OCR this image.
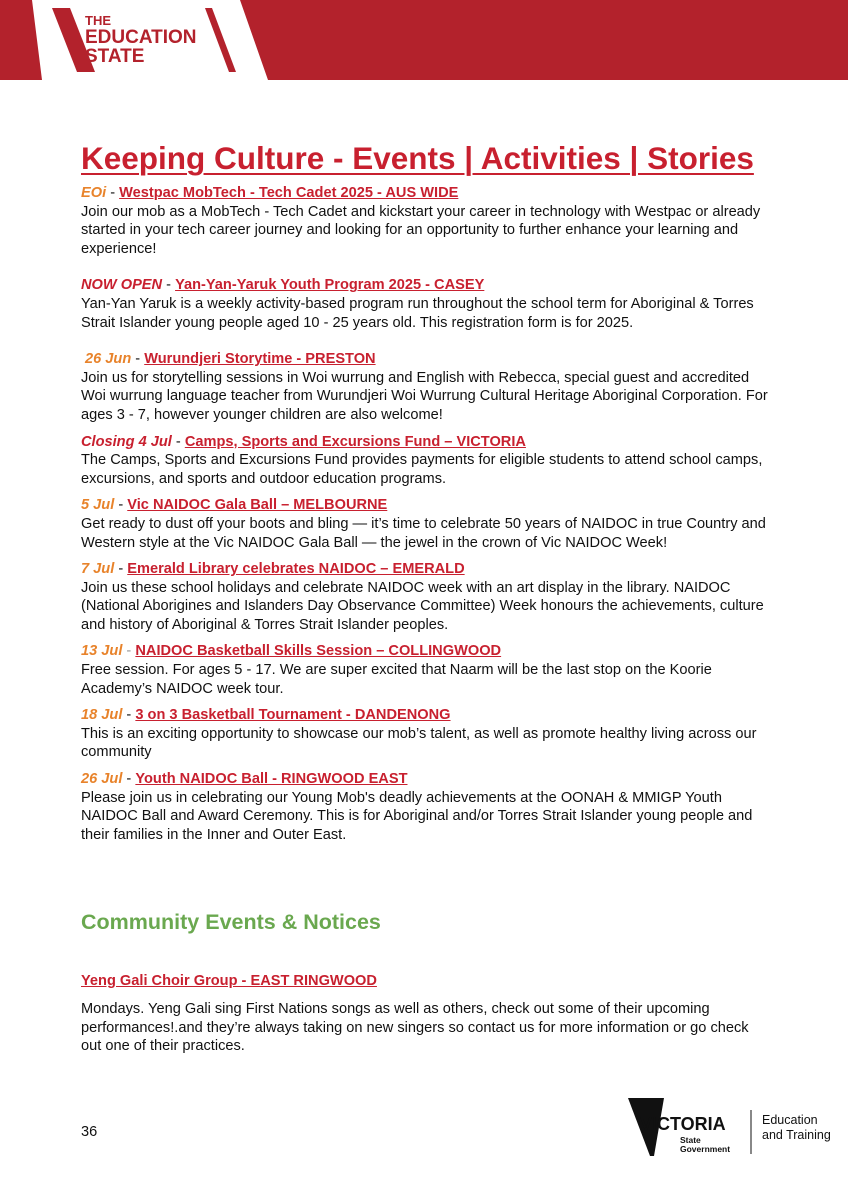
THE
EDUCATION
STATE
Keeping Culture - Events | Activities | Stories
EOi - Westpac MobTech - Tech Cadet 2025 - AUS WIDE
Join our mob as a MobTech - Tech Cadet and kickstart your career in technology with Westpac or already started in your tech career journey and looking for an opportunity to further enhance your learning and experience!
NOW OPEN - Yan-Yan-Yaruk Youth Program 2025 - CASEY
Yan-Yan Yaruk is a weekly activity-based program run throughout the school term for Aboriginal & Torres Strait Islander young people aged 10 - 25 years old. This registration form is for 2025.
26 Jun - Wurundjeri Storytime - PRESTON
Join us for storytelling sessions in Woi wurrung and English with Rebecca, special guest and accredited Woi wurrung language teacher from Wurundjeri Woi Wurrung Cultural Heritage Aboriginal Corporation. For ages 3 - 7, however younger children are also welcome!
Closing 4 Jul - Camps, Sports and Excursions Fund – VICTORIA
The Camps, Sports and Excursions Fund provides payments for eligible students to attend school camps, excursions, and sports and outdoor education programs.
5 Jul - Vic NAIDOC Gala Ball – MELBOURNE
Get ready to dust off your boots and bling — it’s time to celebrate 50 years of NAIDOC in true Country and Western style at the Vic NAIDOC Gala Ball — the jewel in the crown of Vic NAIDOC Week!
7 Jul - Emerald Library celebrates NAIDOC – EMERALD
Join us these school holidays and celebrate NAIDOC week with an art display in the library. NAIDOC (National Aborigines and Islanders Day Observance Committee) Week honours the achievements, culture and history of Aboriginal & Torres Strait Islander peoples.
13 Jul - NAIDOC Basketball Skills Session – COLLINGWOOD
Free session. For ages 5 - 17. We are super excited that Naarm will be the last stop on the Koorie Academy’s NAIDOC week tour.
18 Jul - 3 on 3 Basketball Tournament - DANDENONG
This is an exciting opportunity to showcase our mob’s talent, as well as promote healthy living across our community
26 Jul - Youth NAIDOC Ball - RINGWOOD EAST
Please join us in celebrating our Young Mob's deadly achievements at the OONAH & MMIGP Youth NAIDOC Ball and Award Ceremony. This is for Aboriginal and/or Torres Strait Islander young people and their families in the Inner and Outer East.
Community Events & Notices
Yeng Gali Choir Group - EAST RINGWOOD
Mondays. Yeng Gali sing First Nations songs as well as others, check out some of their upcoming performances!.and they’re always taking on new singers so contact us for more information or go check out one of their practices.
36	VICTORIA
State
Government
Education
and Training
